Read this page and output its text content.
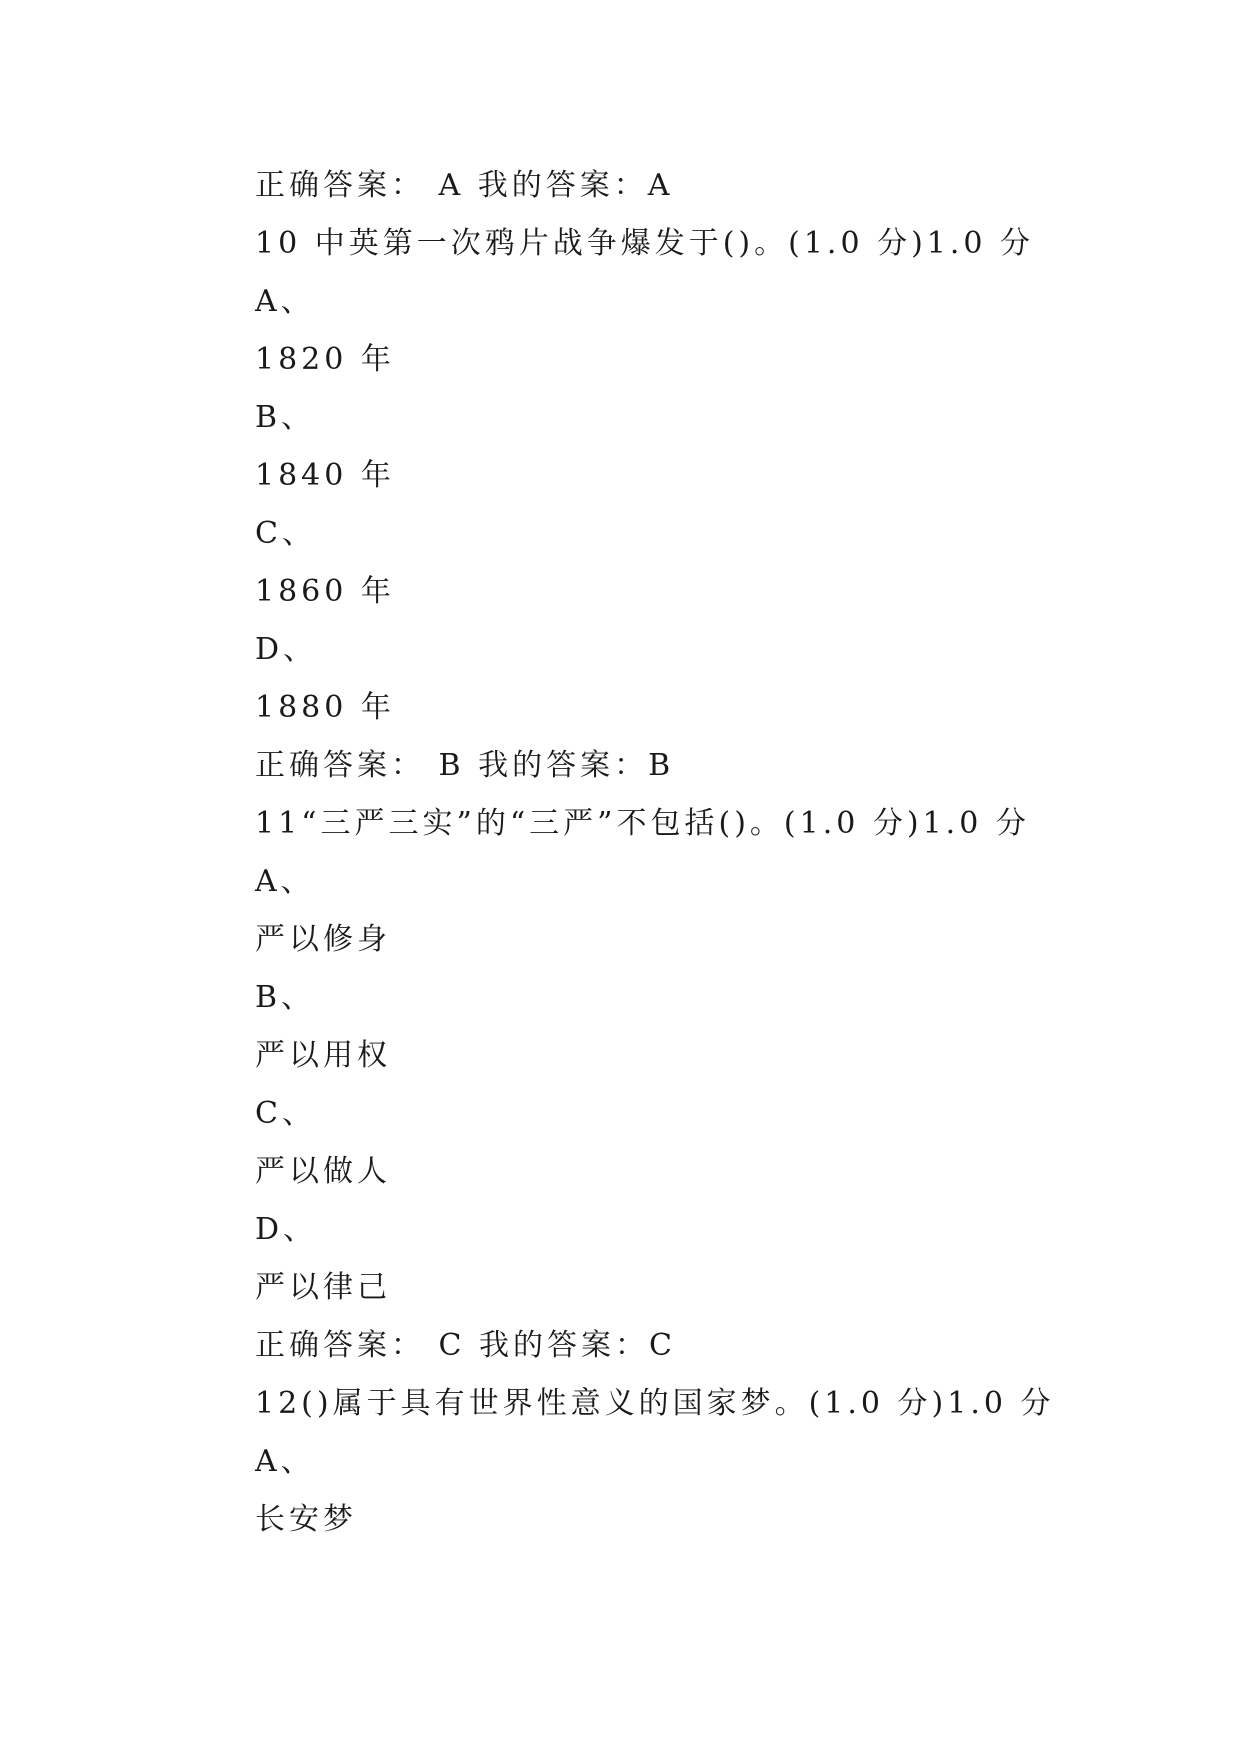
正确答案： A 我的答案：A
10 中英第一次鸦片战争爆发于()。(1.0 分)1.0 分
A、
1820 年
B、
1840 年
C、
1860 年
D、
1880 年
正确答案： B 我的答案：B
11“三严三实”的“三严”不包括()。(1.0 分)1.0 分
A、
严以修身
B、
严以用权
C、
严以做人
D、
严以律己
正确答案： C 我的答案：C
12()属于具有世界性意义的国家梦。(1.0 分)1.0 分
A、
长安梦
